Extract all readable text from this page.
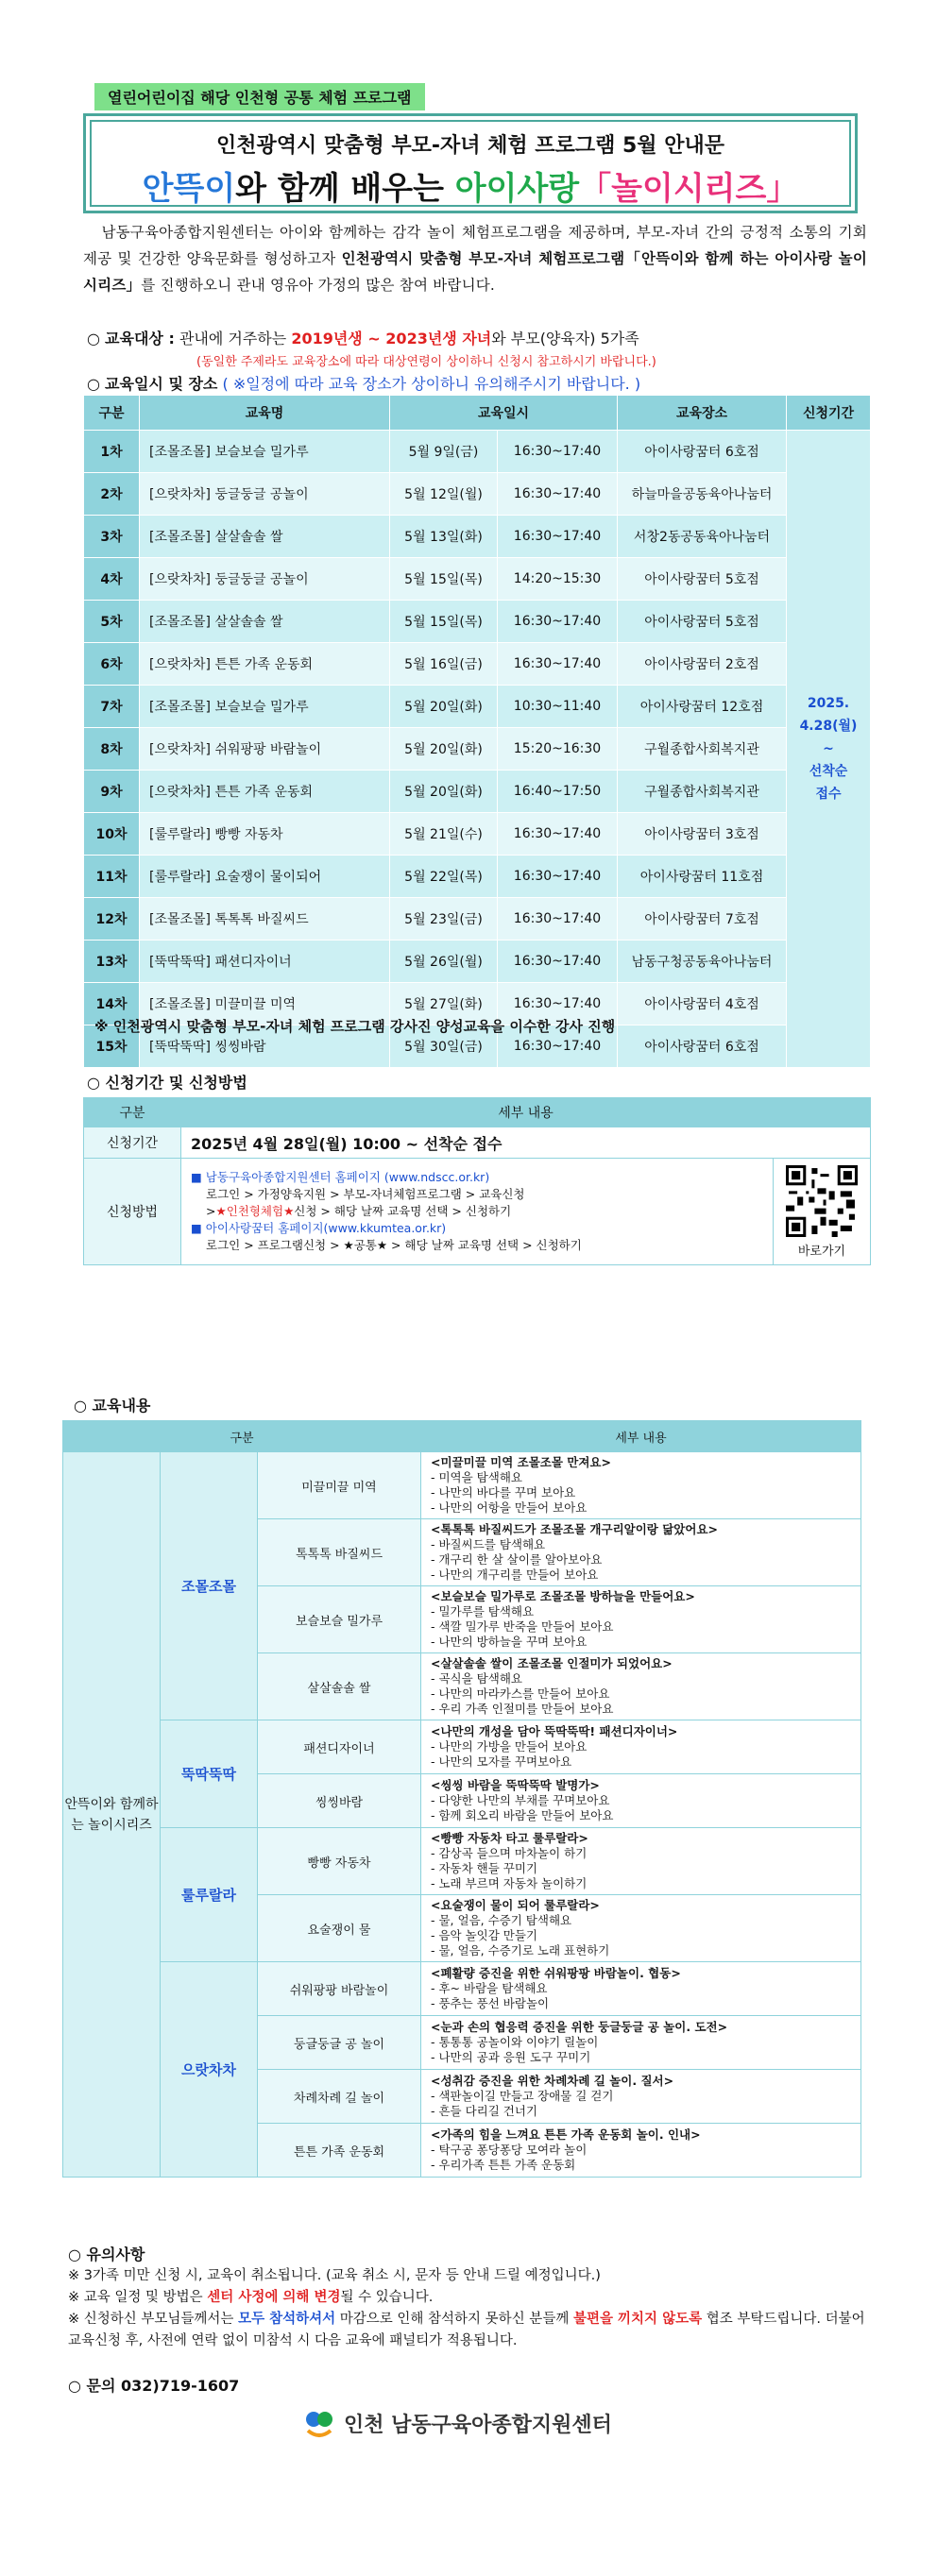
열린어린이집 해당 인천형 공통 체험 프로그램
인천광역시 맞춤형 부모-자녀 체험 프로그램 5월 안내문
안뜩이와 함께 배우는 아이사랑「놀이시리즈」
남동구육아종합지원센터는 아이와 함께하는 감각 놀이 체험프로그램을 제공하며, 부모-자녀 간의 긍정적 소통의 기회 제공 및 건강한 양육문화를 형성하고자 인천광역시 맞춤형 부모-자녀 체험프로그램「안뜩이와 함께 하는 아이사랑 놀이시리즈」를 진행하오니 관내 영유아 가정의 많은 참여 바랍니다.
○ 교육대상 : 관내에 거주하는 2019년생 ~ 2023년생 자녀와 부모(양육자) 5가족
(동일한 주제라도 교육장소에 따라 대상연령이 상이하니 신청시 참고하시기 바랍니다.)
○ 교육일시 및 장소 ( ※일정에 따라 교육 장소가 상이하니 유의해주시기 바랍니다. )
구분	교육명	교육일시		교육장소	신청기간
1차	[조몰조몰] 보슬보슬 밀가루	5월 9일(금)	16:30~17:40	아이사랑꿈터 6호점	2025.
4.28(월)
~
선착순
접수

2차	[으랏차차] 둥글둥글 공놀이	5월 12일(월)	16:30~17:40	하늘마을공동육아나눔터	
3차	[조몰조몰] 살살솔솔 쌀	5월 13일(화)	16:30~17:40	서창2동공동육아나눔터	
4차	[으랏차차] 둥글둥글 공놀이	5월 15일(목)	14:20~15:30	아이사랑꿈터 5호점	
5차	[조몰조몰] 살살솔솔 쌀	5월 15일(목)	16:30~17:40	아이사랑꿈터 5호점	
6차	[으랏차차] 튼튼 가족 운동회	5월 16일(금)	16:30~17:40	아이사랑꿈터 2호점	
7차	[조몰조몰] 보슬보슬 밀가루	5월 20일(화)	10:30~11:40	아이사랑꿈터 12호점	
8차	[으랏차차] 쉬워팡팡 바람놀이	5월 20일(화)	15:20~16:30	구월종합사회복지관	
9차	[으랏차차] 튼튼 가족 운동회	5월 20일(화)	16:40~17:50	구월종합사회복지관	
10차	[룰루랄라] 빵빵 자동차	5월 21일(수)	16:30~17:40	아이사랑꿈터 3호점	
11차	[룰루랄라] 요술쟁이 물이되어	5월 22일(목)	16:30~17:40	아이사랑꿈터 11호점	
12차	[조몰조몰] 톡톡톡 바질씨드	5월 23일(금)	16:30~17:40	아이사랑꿈터 7호점	
13차	[뚝딱뚝딱] 패션디자이너	5월 26일(월)	16:30~17:40	남동구청공동육아나눔터	
14차	[조몰조몰] 미끌미끌 미역	5월 27일(화)	16:30~17:40	아이사랑꿈터 4호점	
15차	[뚝딱뚝딱] 씽씽바람	5월 30일(금)	16:30~17:40	아이사랑꿈터 6호점	
※ 인천광역시 맞춤형 부모-자녀 체험 프로그램 강사진 양성교육을 이수한 강사 진행
○ 신청기간 및 신청방법
구분	세부 내용	
신청기간	2025년 4월 28일(월) 10:00 ~ 선착순 접수	
신청방법	■ 남동구육아종합지원센터 홈페이지 (www.ndscc.or.kr)
로그인 > 가정양육지원 > 부모-자녀체험프로그램 > 교육신청
>★인천형체험★신청 > 해당 날짜 교육명 선택 > 신청하기
■ 아이사랑꿈터 홈페이지(www.kkumtea.or.kr)
로그인 > 프로그램신청 > ★공통★ > 해당 날짜 교육명 선택 > 신청하기	바로가기
○ 교육내용
구분			세부 내용
안뜩이와 함께하는 놀이시리즈	조몰조몰	미끌미끌 미역	<미끌미끌 미역 조몰조몰 만져요>
- 미역을 탐색해요
- 나만의 바다를 꾸며 보아요
- 나만의 어항을 만들어 보아요

		톡톡톡 바질씨드	<톡톡톡 바질씨드가 조몰조몰 개구리알이랑 닮았어요>
- 바질씨드를 탐색해요
- 개구리 한 살 살이를 알아보아요
- 나만의 개구리를 만들어 보아요

		보슬보슬 밀가루	<보슬보슬 밀가루로 조몰조몰 방하늘을 만들어요>
- 밀가루를 탐색해요
- 색깔 밀가루 반죽을 만들어 보아요
- 나만의 방하늘을 꾸며 보아요

		살살솔솔 쌀	<살살솔솔 쌀이 조몰조몰 인절미가 되었어요>
- 곡식을 탐색해요
- 나만의 마라카스를 만들어 보아요
- 우리 가족 인절미를 만들어 보아요

	뚝딱뚝딱	패션디자이너	<나만의 개성을 담아 뚝딱뚝딱! 패션디자이너>
- 나만의 가방을 만들어 보아요
- 나만의 모자를 꾸며보아요

		씽씽바람	<씽씽 바람을 뚝딱뚝딱 발명가>
- 다양한 나만의 부채를 꾸며보아요
- 함께 회오리 바람을 만들어 보아요

	룰루랄라	빵빵 자동차	<빵빵 자동차 타고 룰루랄라>
- 감상곡 들으며 마차놀이 하기
- 자동차 핸들 꾸미기
- 노래 부르며 자동차 놀이하기

		요술쟁이 물	<요술쟁이 물이 되어 룰루랄라>
- 물, 얼음, 수증기 탐색해요
- 음악 놀잇감 만들기
- 물, 얼음, 수증기로 노래 표현하기

	으랏차차	쉬워팡팡 바람놀이	<폐활량 증진을 위한 쉬워팡팡 바람놀이. 협동>
- 후~ 바람을 탐색해요
- 풍추는 풍선 바람놀이

		둥글둥글 공 놀이	<눈과 손의 협응력 증진을 위한 둥글둥글 공 놀이. 도전>
- 통통통 공놀이와 이야기 릴놀이
- 나만의 공과 응원 도구 꾸미기

		차례차례 길 놀이	<성취감 증진을 위한 차례차례 길 놀이. 질서>
- 색판놀이길 만들고 장애물 길 걷기
- 흔들 다리길 건너기

		튼튼 가족 운동회	<가족의 힘을 느껴요 튼튼 가족 운동회 놀이. 인내>
- 탁구공 퐁당퐁당 모여라 놀이
- 우리가족 튼튼 가족 운동회
○ 유의사항
※ 3가족 미만 신청 시, 교육이 취소됩니다. (교육 취소 시, 문자 등 안내 드릴 예정입니다.)
※ 교육 일정 및 방법은 센터 사정에 의해 변경될 수 있습니다.
※ 신청하신 부모님들께서는 모두 참석하셔서 마감으로 인해 참석하지 못하신 분들께 불편을 끼치지 않도록 협조 부탁드립니다. 더불어 교육신청 후, 사전에 연락 없이 미참석 시 다음 교육에 패널티가 적용됩니다.
○ 문의 032)719-1607
인천 남동구육아종합지원센터
